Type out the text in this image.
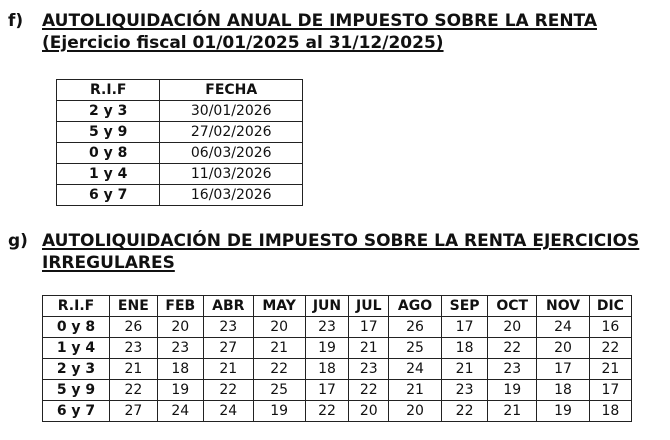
f)	AUTOLIQUIDACIÓN ANUAL DE IMPUESTO SOBRE LA RENTA (Ejercicio fiscal 01/01/2025 al 31/12/2025)
R.I.F	FECHA
2 y 3	30/01/2026
5 y 9	27/02/2026
0 y 8	06/03/2026
1 y 4	11/03/2026
6 y 7	16/03/2026
g) AUTOLIQUIDACIÓN DE IMPUESTO SOBRE LA RENTA EJERCICIOS IRREGULARES
R.I.F	ENE	FEB	ABR	MAY	JUN	JUL	AGO	SEP	OCT	NOV	DIC
0 y 8	26	20	23	20	23	17	26	17	20	24	16
1 y 4	23	23	27	21	19	21	25	18	22	20	22
2 y 3	21	18	21	22	18	23	24	21	23	17	21
5 y 9	22	19	22	25	17	22	21	23	19	18	17
6 y 7	27	24	24	19	22	20	20	22	21	19	18
